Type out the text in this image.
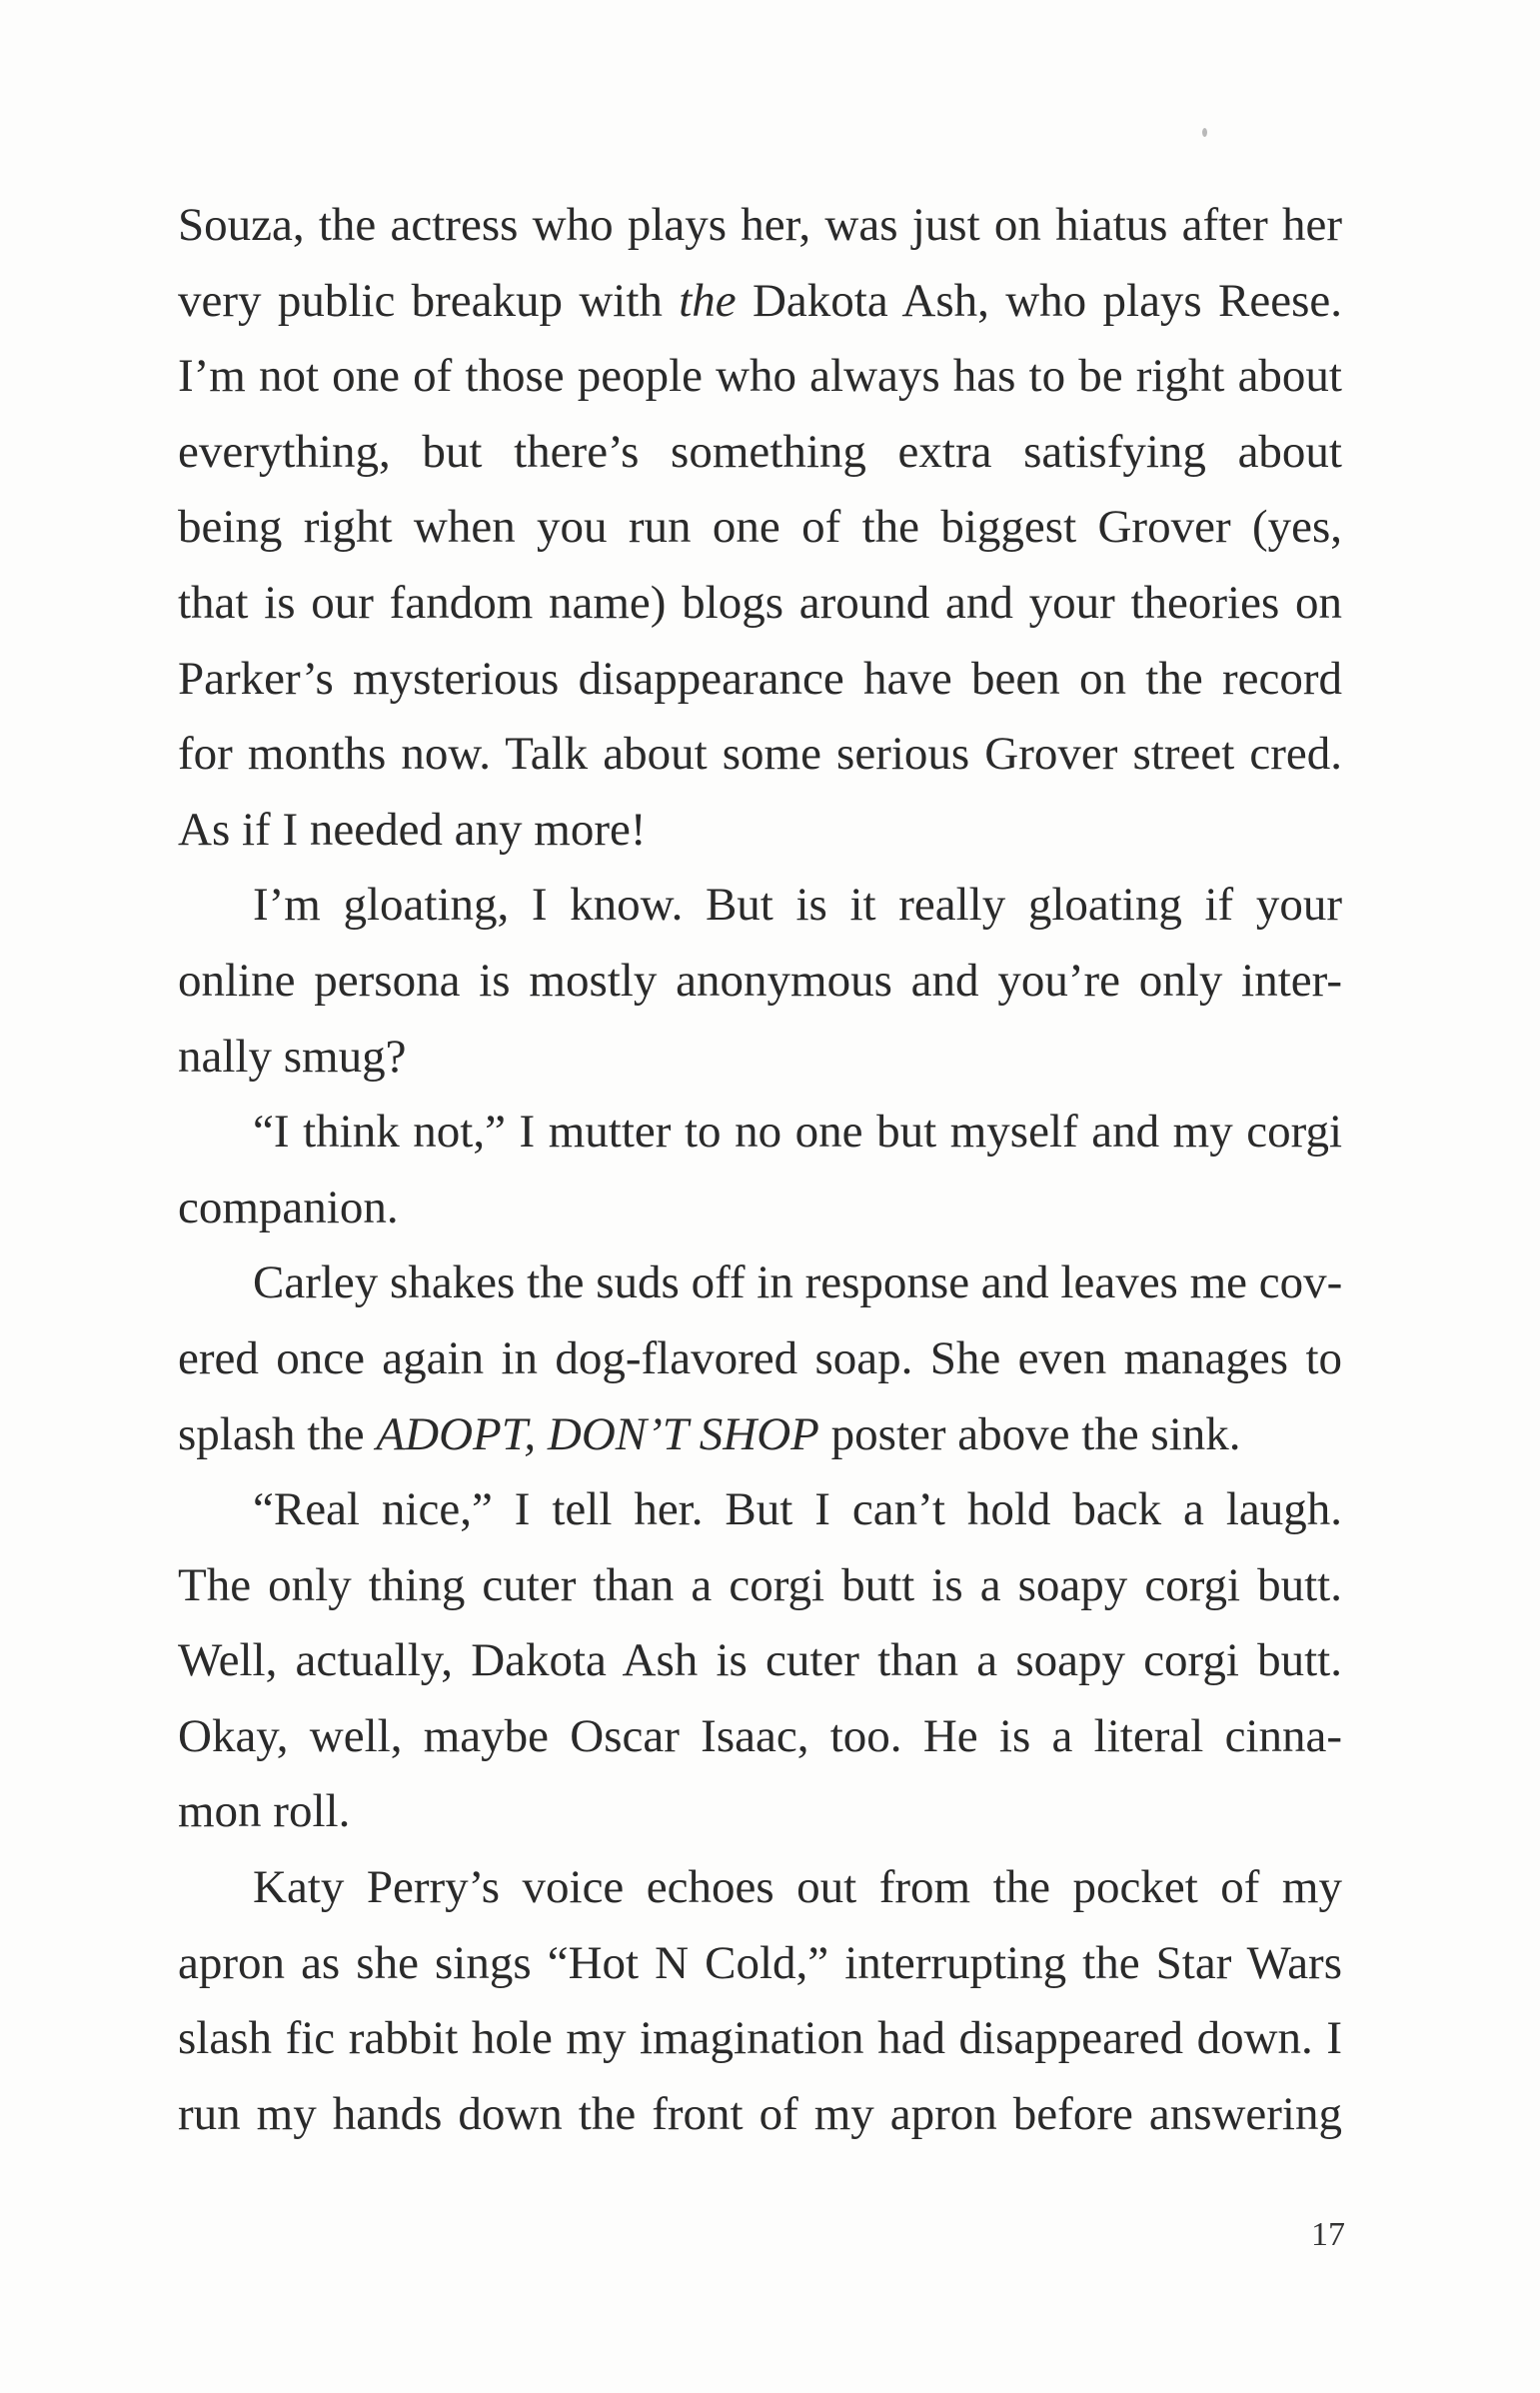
Souza, the actress who plays her, was just on hiatus after her
very public breakup with the Dakota Ash, who plays Reese.
I’m not one of those people who always has to be right about
everything, but there’s something extra satisfying about
being right when you run one of the biggest Grover (yes,
that is our fandom name) blogs around and your theories on
Parker’s mysterious disappearance have been on the record
for months now. Talk about some serious Grover street cred.
As if I needed any more!
I’m gloating, I know. But is it really gloating if your
online persona is mostly anonymous and you’re only inter-
nally smug?
“I think not,” I mutter to no one but myself and my corgi
companion.
Carley shakes the suds off in response and leaves me cov-
ered once again in dog-flavored soap. She even manages to
splash the ADOPT, DON’T SHOP poster above the sink.
“Real nice,” I tell her. But I can’t hold back a laugh.
The only thing cuter than a corgi butt is a soapy corgi butt.
Well, actually, Dakota Ash is cuter than a soapy corgi butt.
Okay, well, maybe Oscar Isaac, too. He is a literal cinna-
mon roll.
Katy Perry’s voice echoes out from the pocket of my
apron as she sings “Hot N Cold,” interrupting the Star Wars
slash fic rabbit hole my imagination had disappeared down. I
run my hands down the front of my apron before answering
17
